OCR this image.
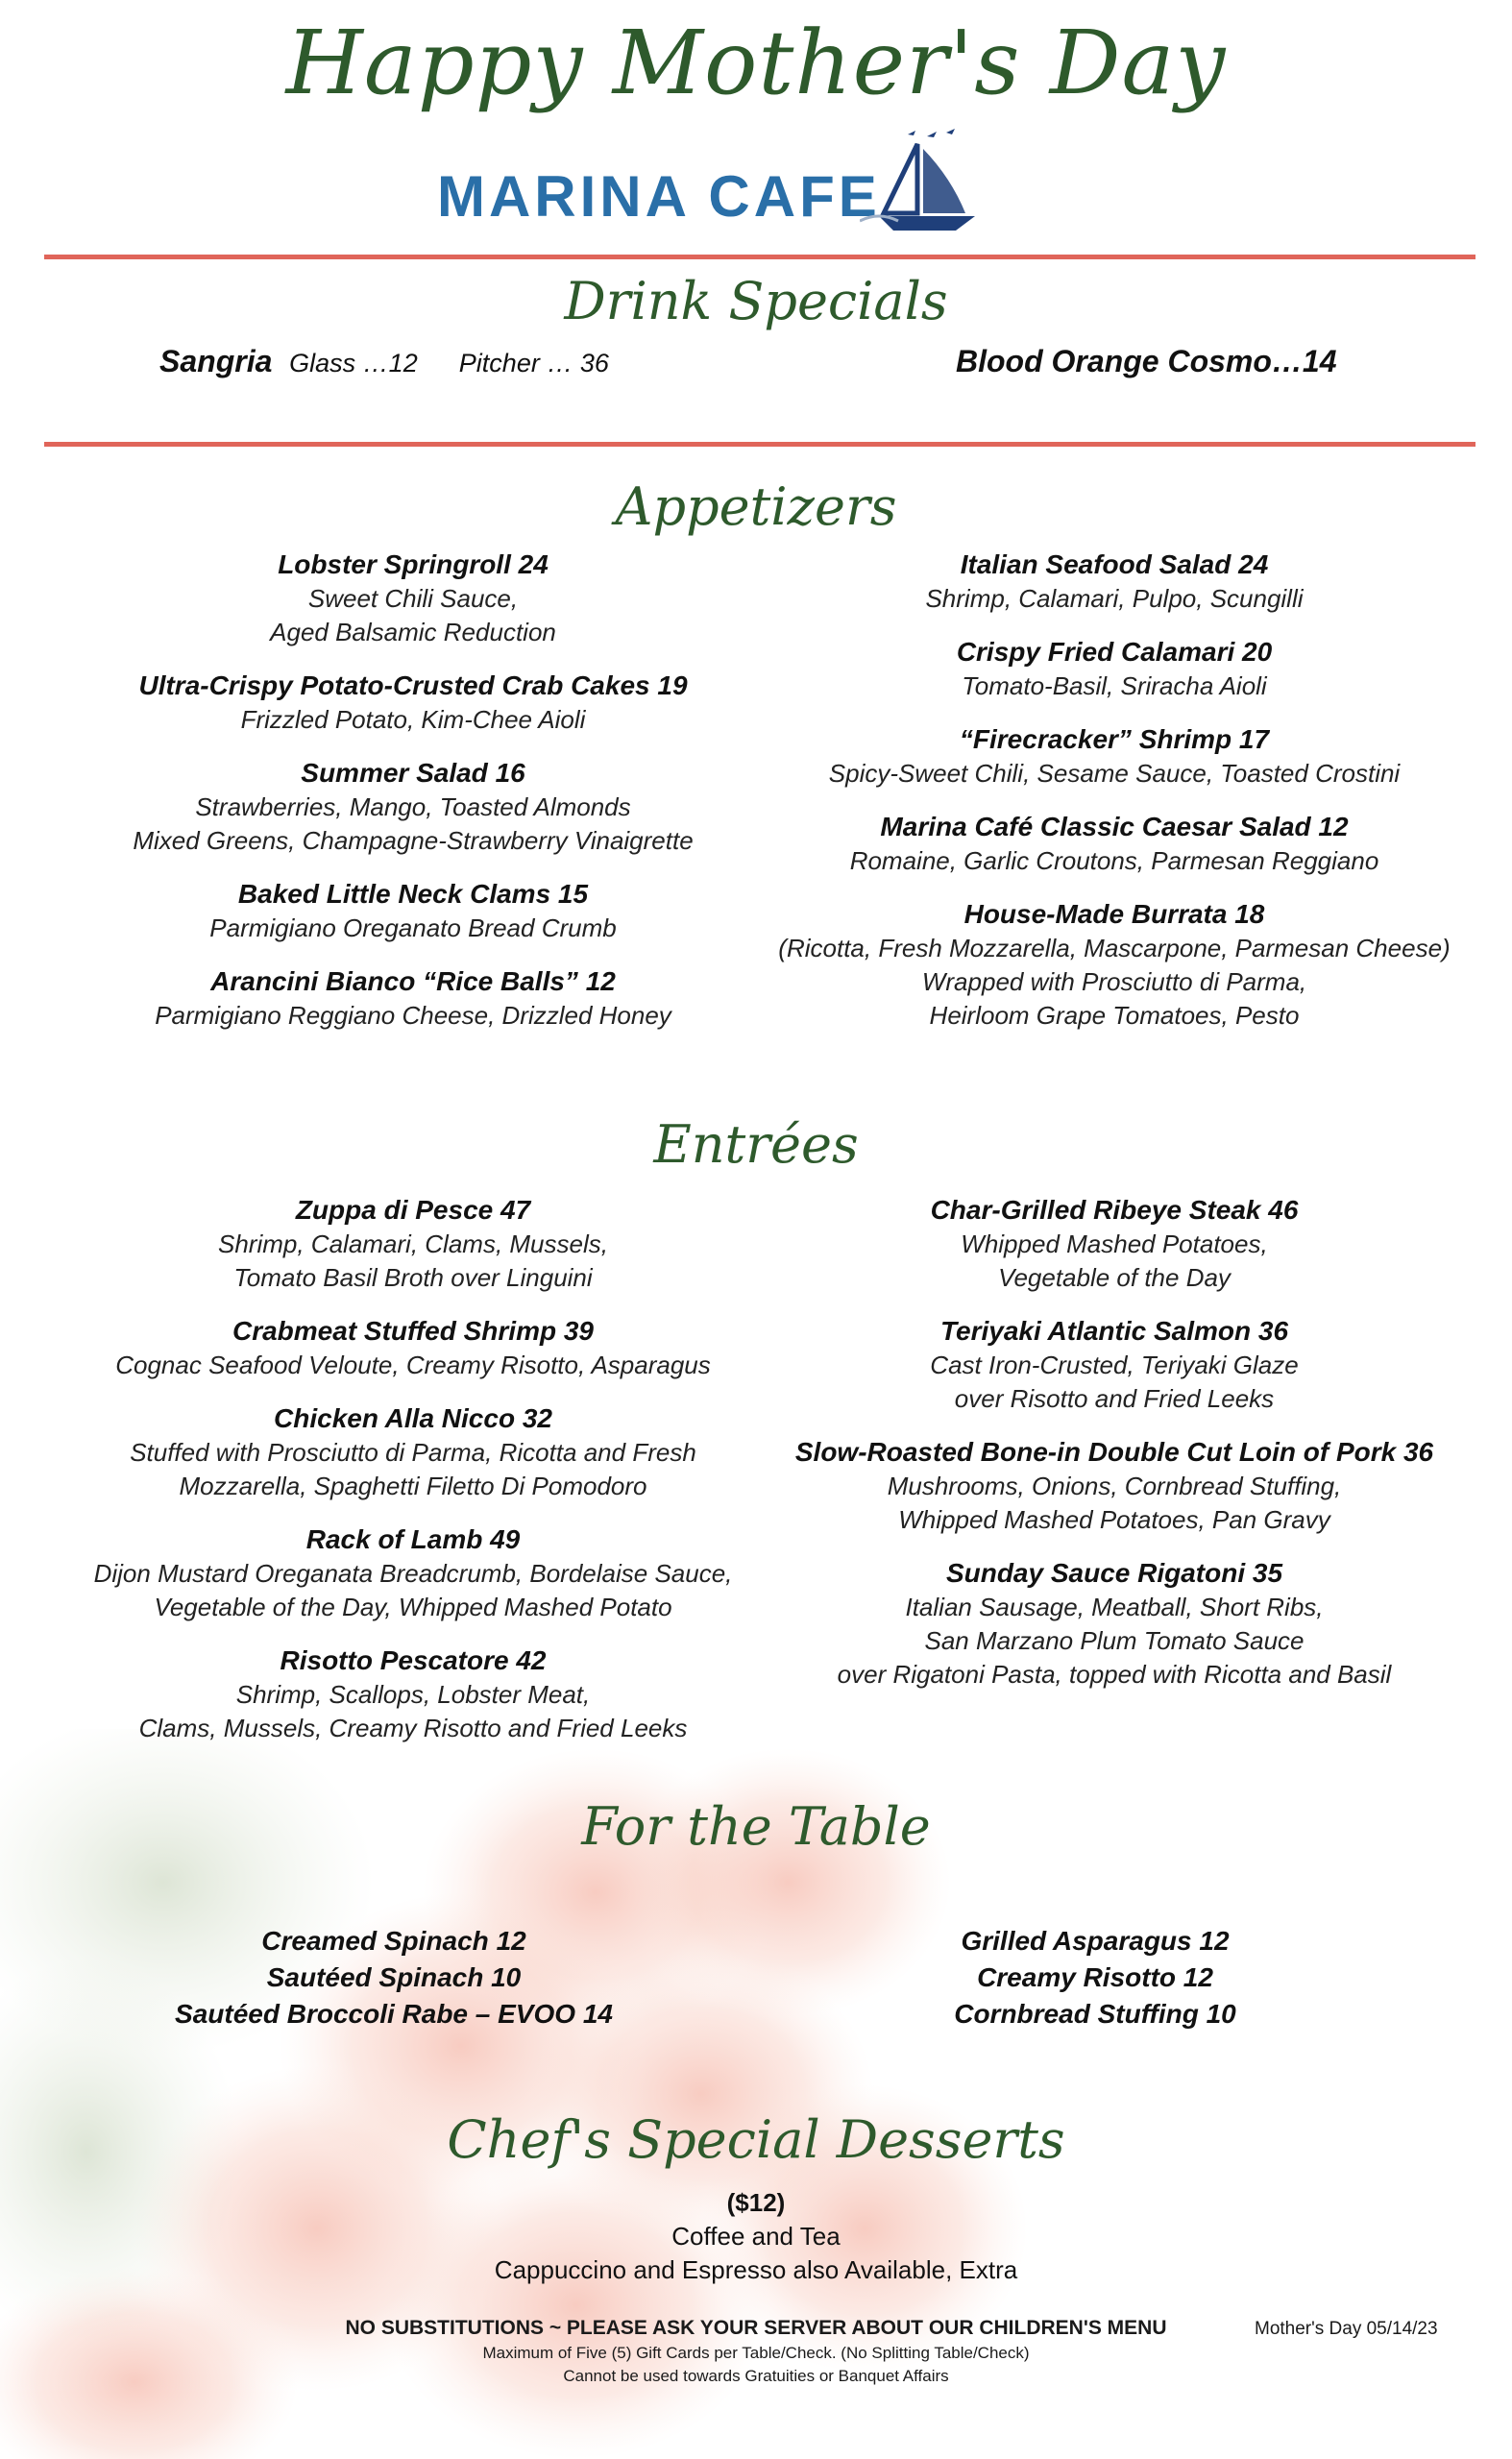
Happy Mother's Day
MARINA CAFE
Drink Specials
Sangria Glass …12 Pitcher … 36	Blood Orange Cosmo…14
Appetizers
Lobster Springroll 24
Sweet Chili Sauce,
Aged Balsamic Reduction
Ultra-Crispy Potato-Crusted Crab Cakes 19
Frizzled Potato, Kim-Chee Aioli
Summer Salad 16
Strawberries, Mango, Toasted Almonds
Mixed Greens, Champagne-Strawberry Vinaigrette
Baked Little Neck Clams 15
Parmigiano Oreganato Bread Crumb
Arancini Bianco “Rice Balls” 12
Parmigiano Reggiano Cheese, Drizzled Honey
Italian Seafood Salad 24
Shrimp, Calamari, Pulpo, Scungilli
Crispy Fried Calamari 20
Tomato-Basil, Sriracha Aioli
“Firecracker” Shrimp 17
Spicy-Sweet Chili, Sesame Sauce, Toasted Crostini
Marina Café Classic Caesar Salad 12
Romaine, Garlic Croutons, Parmesan Reggiano
House-Made Burrata 18
(Ricotta, Fresh Mozzarella, Mascarpone, Parmesan Cheese)
Wrapped with Prosciutto di Parma,
Heirloom Grape Tomatoes, Pesto
Entrées
Zuppa di Pesce 47
Shrimp, Calamari, Clams, Mussels,
Tomato Basil Broth over Linguini
Crabmeat Stuffed Shrimp 39
Cognac Seafood Veloute, Creamy Risotto, Asparagus
Chicken Alla Nicco 32
Stuffed with Prosciutto di Parma, Ricotta and Fresh
Mozzarella, Spaghetti Filetto Di Pomodoro
Rack of Lamb 49
Dijon Mustard Oreganata Breadcrumb, Bordelaise Sauce,
Vegetable of the Day, Whipped Mashed Potato
Risotto Pescatore 42
Shrimp, Scallops, Lobster Meat,
Clams, Mussels, Creamy Risotto and Fried Leeks
Char-Grilled Ribeye Steak 46
Whipped Mashed Potatoes,
Vegetable of the Day
Teriyaki Atlantic Salmon 36
Cast Iron-Crusted, Teriyaki Glaze
over Risotto and Fried Leeks
Slow-Roasted Bone-in Double Cut Loin of Pork 36
Mushrooms, Onions, Cornbread Stuffing,
Whipped Mashed Potatoes, Pan Gravy
Sunday Sauce Rigatoni 35
Italian Sausage, Meatball, Short Ribs,
San Marzano Plum Tomato Sauce
over Rigatoni Pasta, topped with Ricotta and Basil
For the Table
Creamed Spinach 12
Sautéed Spinach 10
Sautéed Broccoli Rabe – EVOO 14
Grilled Asparagus 12
Creamy Risotto 12
Cornbread Stuffing 10
Chef's Special Desserts
($12)
Coffee and Tea
Cappuccino and Espresso also Available, Extra
NO SUBSTITUTIONS ~ PLEASE ASK YOUR SERVER ABOUT OUR CHILDREN'S MENU
Maximum of Five (5) Gift Cards per Table/Check. (No Splitting Table/Check)
Cannot be used towards Gratuities or Banquet Affairs
Mother's Day 05/14/23
